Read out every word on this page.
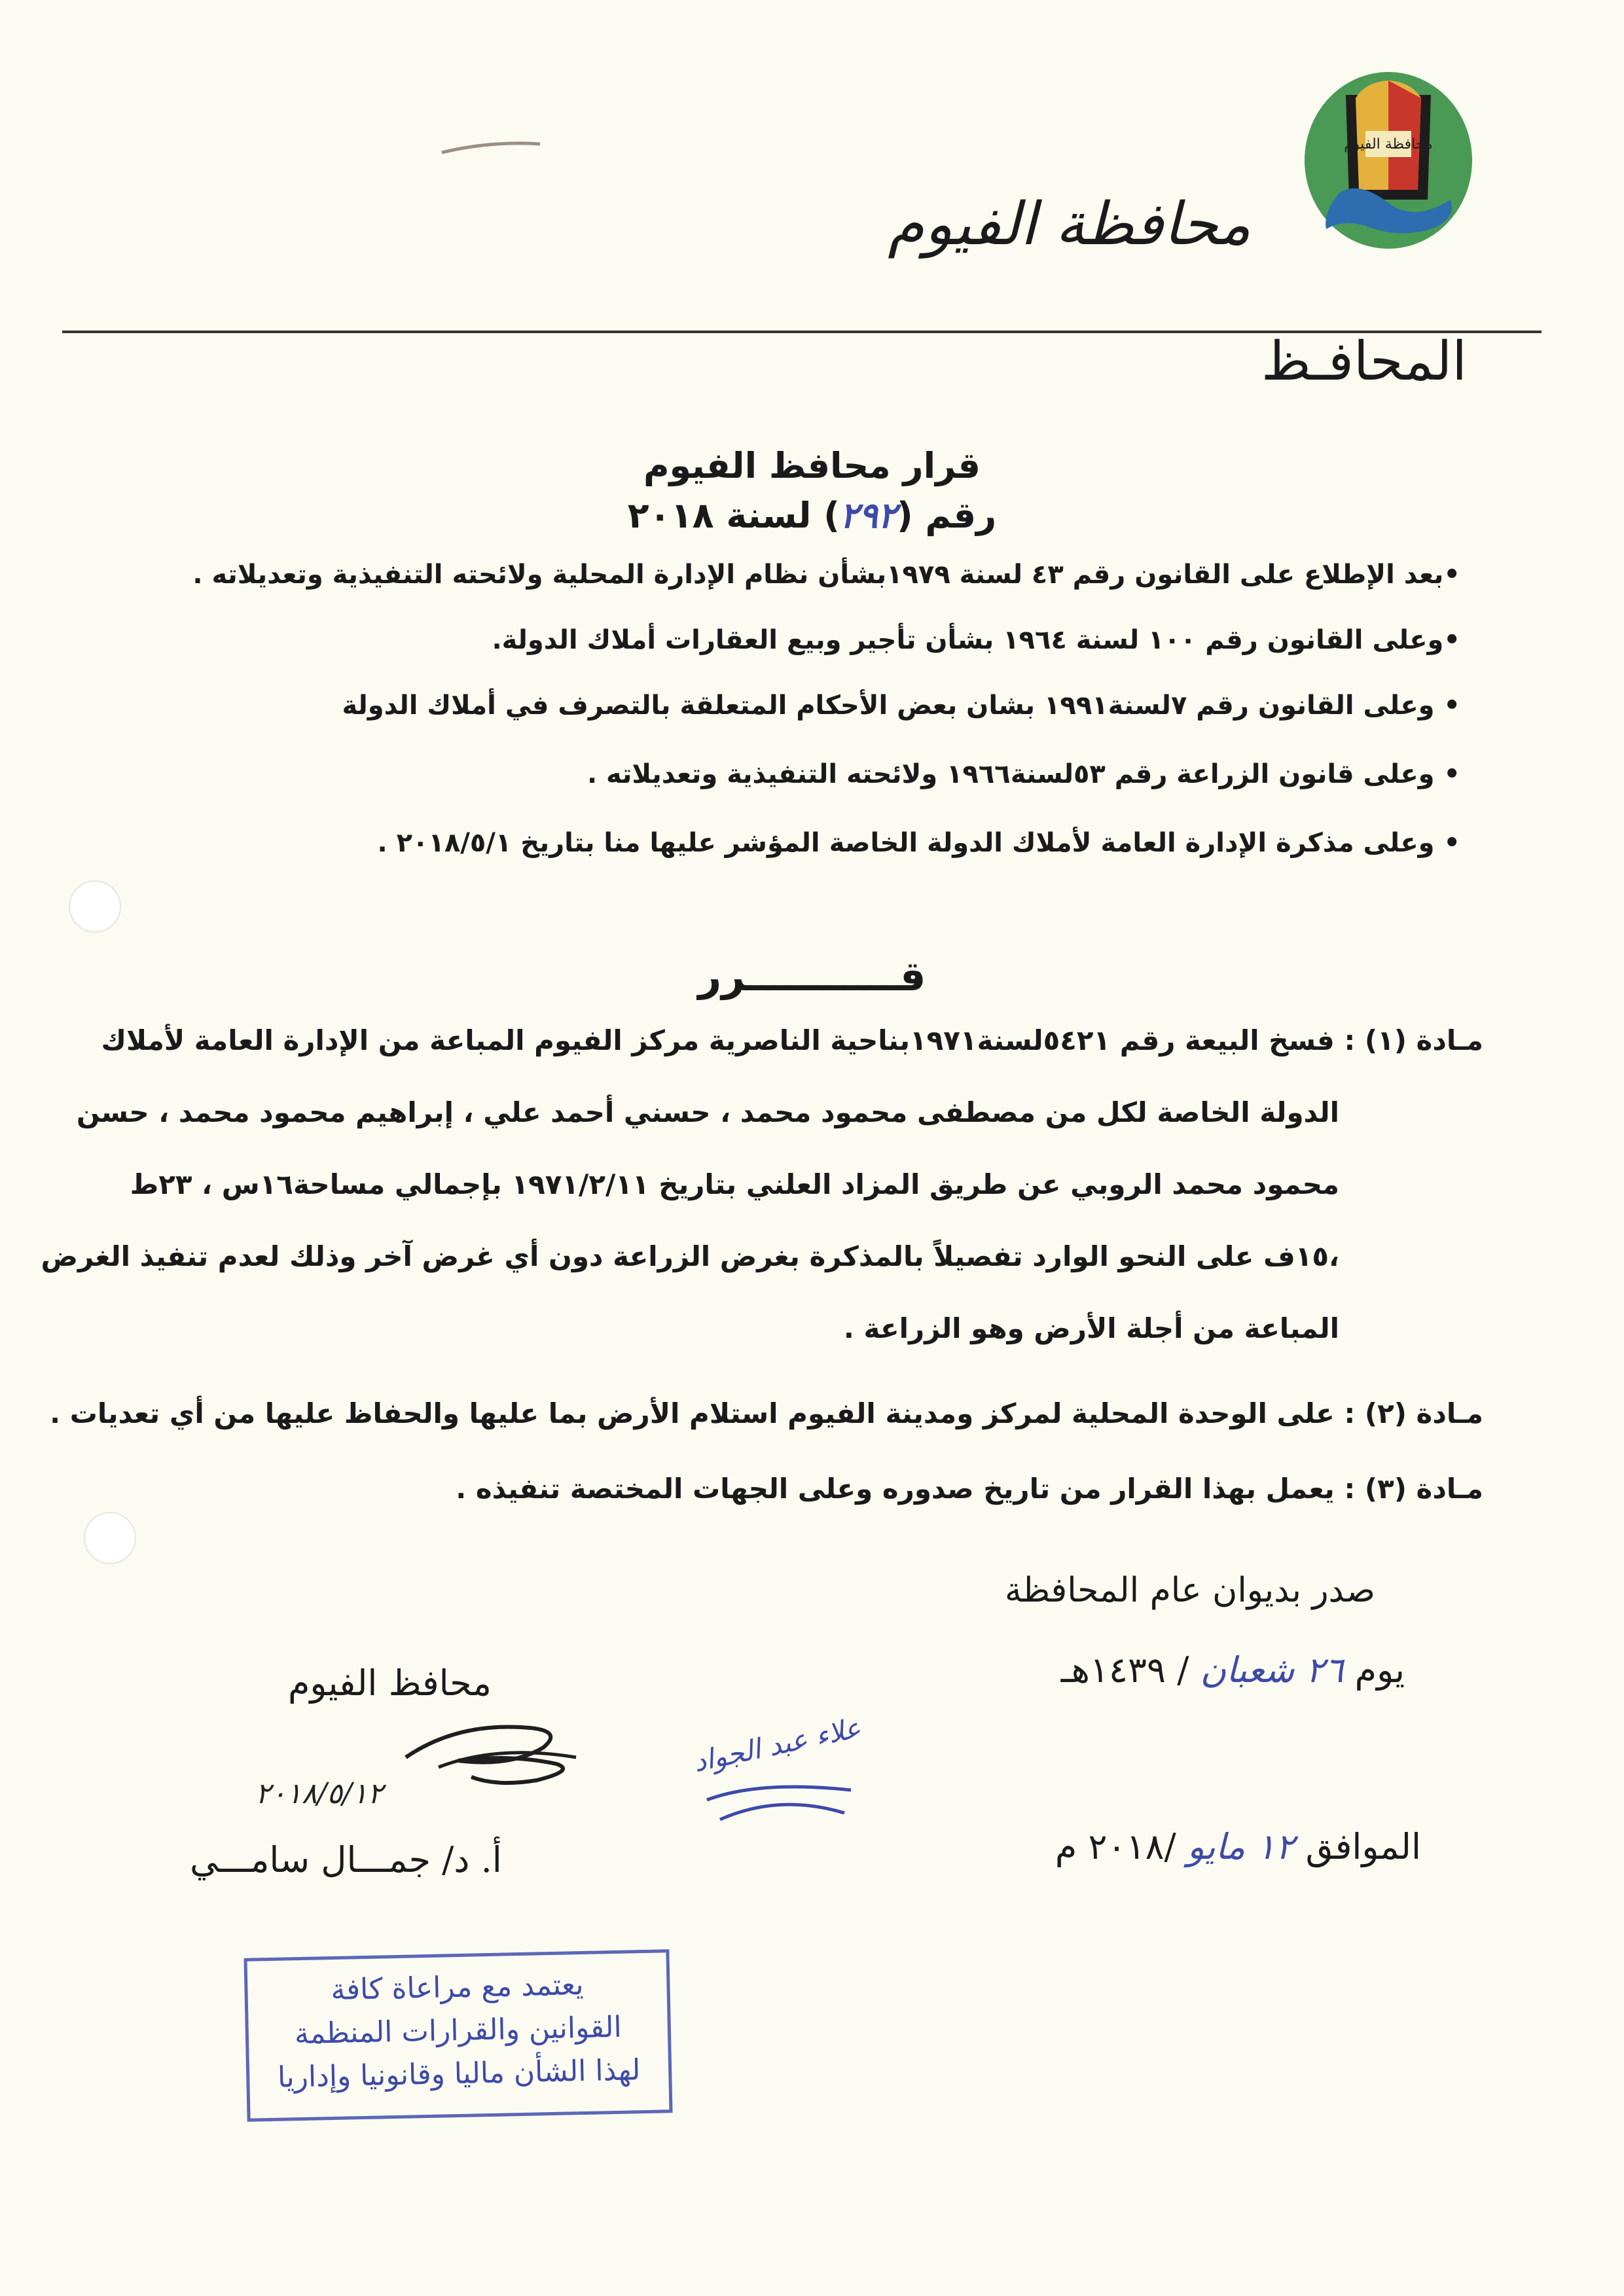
محافظة الفيوم
محافظة الفيوم
المحافـظ
قرار محافظ الفيوم
رقم (٢٩٢) لسنة ٢٠١٨
•بعد الإطلاع على القانون رقم ٤٣ لسنة ١٩٧٩بشأن نظام الإدارة المحلية ولائحته التنفيذية وتعديلاته .
•وعلى القانون رقم ١٠٠ لسنة ١٩٦٤ بشأن تأجير وبيع العقارات أملاك الدولة.
• وعلى القانون رقم ٧لسنة١٩٩١ بشان بعض الأحكام المتعلقة بالتصرف في أملاك الدولة
• وعلى قانون الزراعة رقم ٥٣لسنة١٩٦٦ ولائحته التنفيذية وتعديلاته .
• وعلى مذكرة الإدارة العامة لأملاك الدولة الخاصة المؤشر عليها منا بتاريخ ٢٠١٨/٥/١ .
قـــــــــــرر
مـادة (١) : فسخ البيعة رقم ٥٤٢١لسنة١٩٧١بناحية الناصرية مركز الفيوم المباعة من الإدارة العامة لأملاك
الدولة الخاصة لكل من مصطفى محمود محمد ، حسني أحمد علي ، إبراهيم محمود محمد ، حسن
محمود محمد الروبي عن طريق المزاد العلني بتاريخ ١٩٧١/٢/١١ بإجمالي مساحة١٦س ، ٢٣ط
،١٥ف على النحو الوارد تفصيلاً بالمذكرة بغرض الزراعة دون أي غرض آخر وذلك لعدم تنفيذ الغرض
المباعة من أجلة الأرض وهو الزراعة .
مـادة (٢) : على الوحدة المحلية لمركز ومدينة الفيوم استلام الأرض بما عليها والحفاظ عليها من أي تعديات .
مـادة (٣) : يعمل بهذا القرار من تاريخ صدوره وعلى الجهات المختصة تنفيذه .
صدر بديوان عام المحافظة
يوم ٢٦ شعبان / ١٤٣٩هـ
الموافق ١٢ مايو /٢٠١٨ م
محافظ الفيوم
٢٠١٨/٥/١٢
أ. د/ جمـــال سامـــي
علاء عبد الجواد
يعتمد مع مراعاة كافة
القوانين والقرارات المنظمة
لهذا الشأن ماليا وقانونيا وإداريا
